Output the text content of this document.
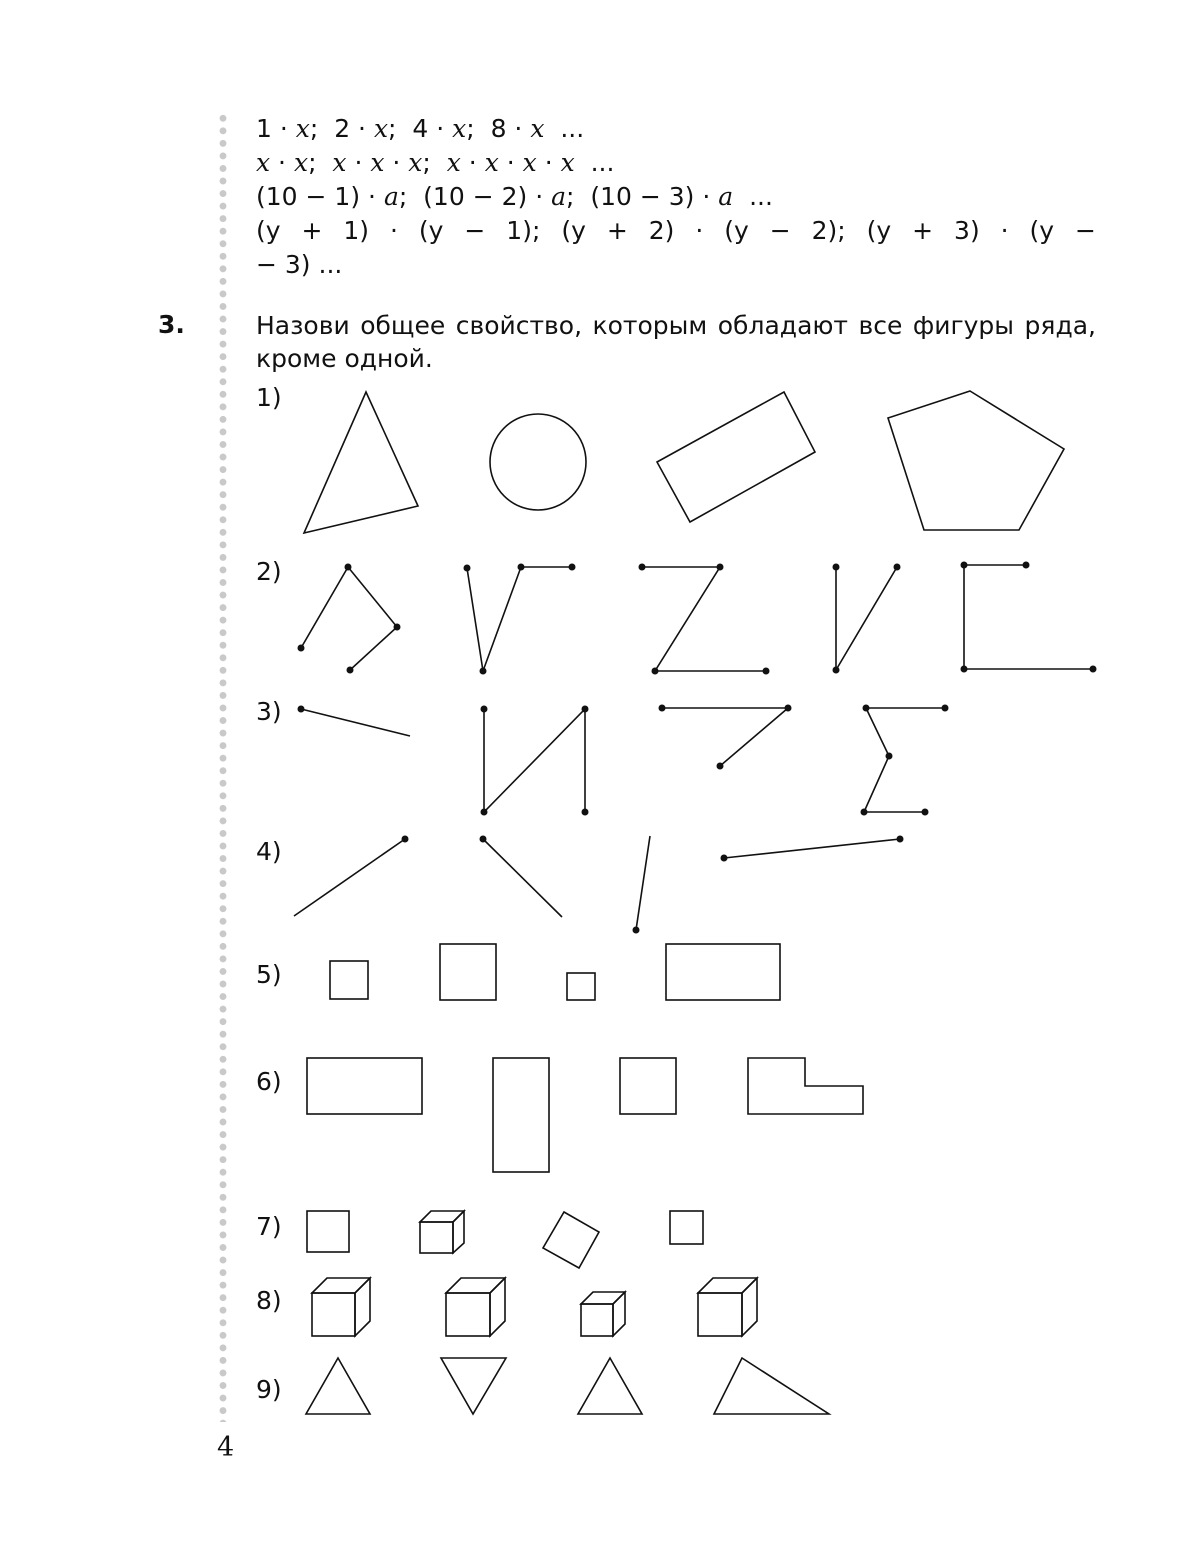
1 · x;  2 · x;  4 · x;  8 · x ...
x · x;  x · x · x;  x · x · x · x ...
(10 − 1) · a;  (10 − 2) · a;  (10 − 3) · a ...
(y + 1) · (y − 1); (y + 2) · (y − 2); (y + 3) · (y −
− 3) ...
3.	Назови общее свойство, которым обладают все фигуры ряда, кроме одной.
1)
2)
3)
4)
5)
6)
7)
8)
9)
4
